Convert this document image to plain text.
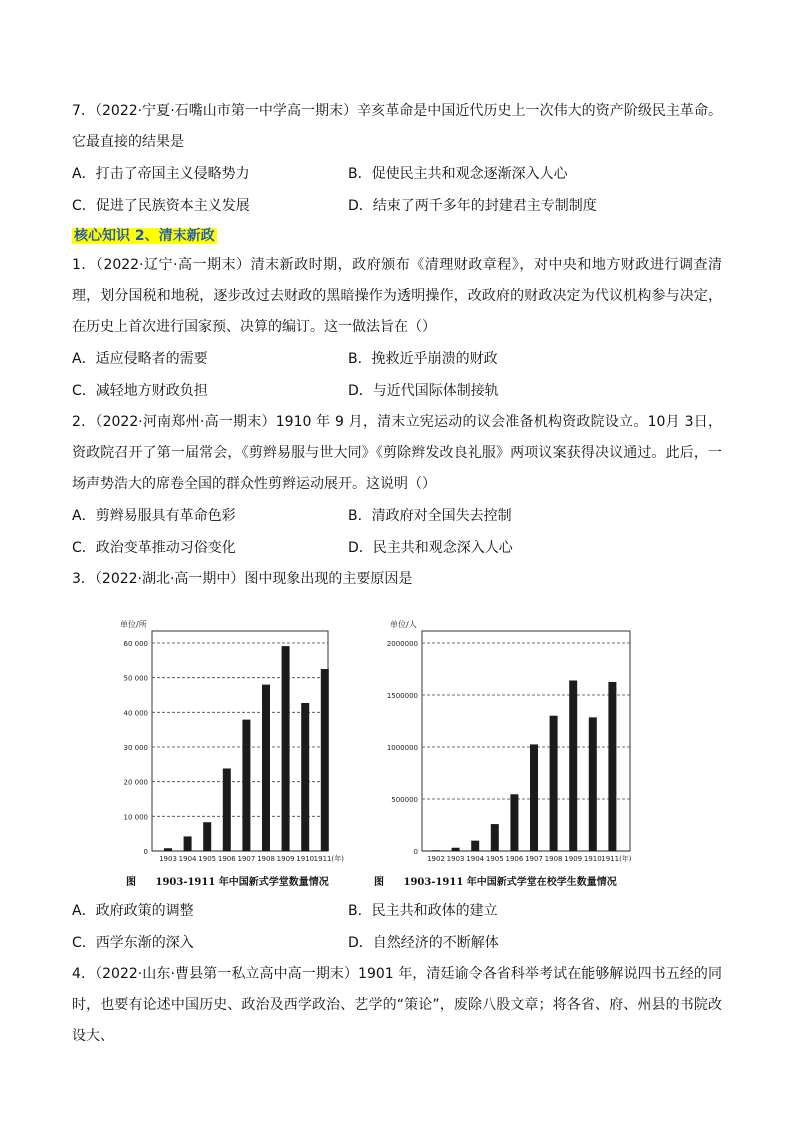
7．（2022·宁夏·石嘴山市第一中学高一期末）辛亥革命是中国近代历史上一次伟大的资产阶级民主革命。它最直接的结果是
A．打击了帝国主义侵略势力	B．促使民主共和观念逐渐深入人心
C．促进了民族资本主义发展	D．结束了两千多年的封建君主专制制度
核心知识 2、清末新政
1．（2022·辽宁·高一期末）清末新政时期，政府颁布《清理财政章程》，对中央和地方财政进行调查清理，划分国税和地税，逐步改过去财政的黑暗操作为透明操作，改政府的财政决定为代议机构参与决定，在历史上首次进行国家预、决算的编订。这一做法旨在（）
A．适应侵略者的需要	B．挽救近乎崩溃的财政
C．减轻地方财政负担	D．与近代国际体制接轨
2．（2022·河南郑州·高一期末）1910 年 9 月，清末立宪运动的议会准备机构资政院设立。10月 3日，资政院召开了第一届常会，《剪辫易服与世大同》《剪除辫发改良礼服》两项议案获得决议通过。此后，一场声势浩大的席卷全国的群众性剪辫运动展开。这说明（）
A．剪辫易服具有革命色彩	B．清政府对全国失去控制
C．政治变革推动习俗变化	D．民主共和观念深入人心
3．（2022·湖北·高一期中）图中现象出现的主要原因是
单位/所
0
10 000
20 000
30 000
40 000
50 000
60 000
1903 1904 1905 1906 1907 1908 1909 1910 1911(年)
图 1903-1911 年中国新式学堂数量情况
单位/人
0
500000
1000000
1500000
2000000
1902 1903 1904 1905 1906 1907 1908 1909 1910 1911(年)
图 1903-1911 年中国新式学堂在校学生数量情况
A．政府政策的调整	B．民主共和政体的建立
C．西学东渐的深入	D．自然经济的不断解体
4．（2022·山东·曹县第一私立高中高一期末）1901 年，清廷谕令各省科举考试在能够解说四书五经的同时，也要有论述中国历史、政治及西学政治、艺学的“策论”，废除八股文章；将各省、府、州县的书院改设大、
